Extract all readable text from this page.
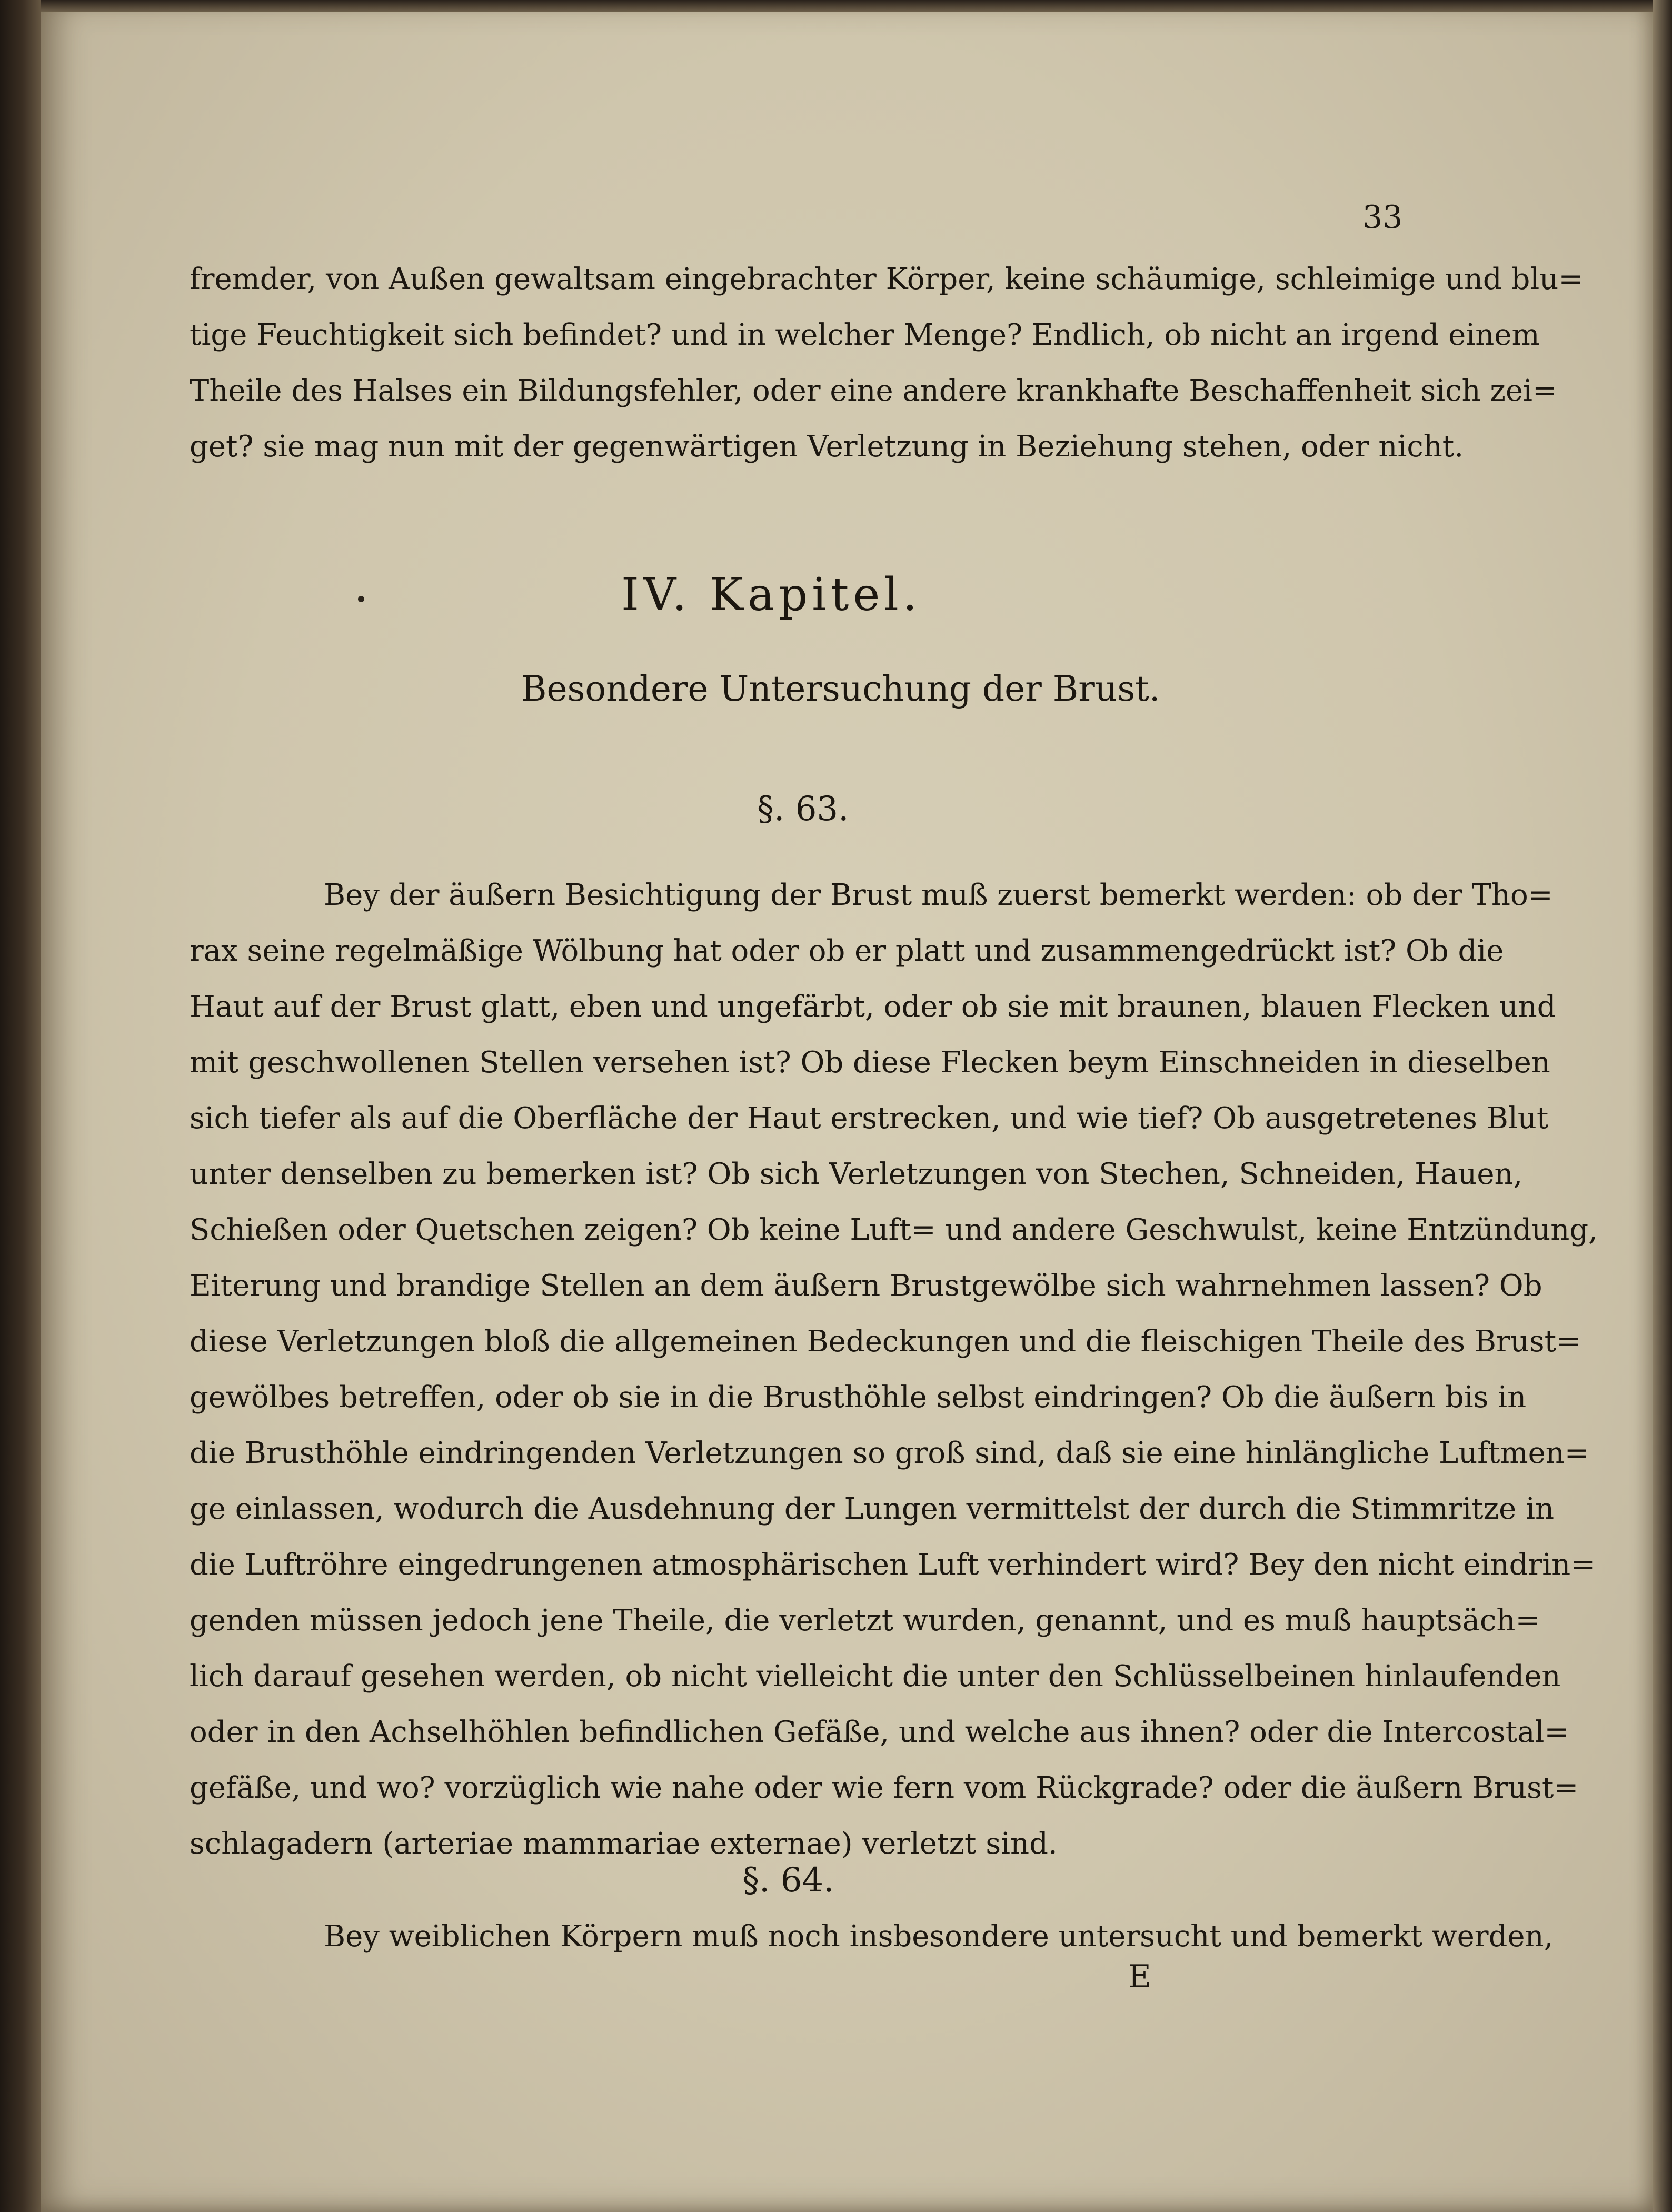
33
fremder, von Außen gewaltsam eingebrachter Körper, keine schäumige, schleimige und blu=
tige Feuchtigkeit sich befindet? und in welcher Menge? Endlich, ob nicht an irgend einem
Theile des Halses ein Bildungsfehler, oder eine andere krankhafte Beschaffenheit sich zei=
get? sie mag nun mit der gegenwärtigen Verletzung in Beziehung stehen, oder nicht.
IV. Kapitel.
Besondere Untersuchung der Brust.
§. 63.
Bey der äußern Besichtigung der Brust muß zuerst bemerkt werden: ob der Tho=
rax seine regelmäßige Wölbung hat oder ob er platt und zusammengedrückt ist? Ob die
Haut auf der Brust glatt, eben und ungefärbt, oder ob sie mit braunen, blauen Flecken und
mit geschwollenen Stellen versehen ist? Ob diese Flecken beym Einschneiden in dieselben
sich tiefer als auf die Oberfläche der Haut erstrecken, und wie tief? Ob ausgetretenes Blut
unter denselben zu bemerken ist? Ob sich Verletzungen von Stechen, Schneiden, Hauen,
Schießen oder Quetschen zeigen? Ob keine Luft= und andere Geschwulst, keine Entzündung,
Eiterung und brandige Stellen an dem äußern Brustgewölbe sich wahrnehmen lassen? Ob
diese Verletzungen bloß die allgemeinen Bedeckungen und die fleischigen Theile des Brust=
gewölbes betreffen, oder ob sie in die Brusthöhle selbst eindringen? Ob die äußern bis in
die Brusthöhle eindringenden Verletzungen so groß sind, daß sie eine hinlängliche Luftmen=
ge einlassen, wodurch die Ausdehnung der Lungen vermittelst der durch die Stimmritze in
die Luftröhre eingedrungenen atmosphärischen Luft verhindert wird? Bey den nicht eindrin=
genden müssen jedoch jene Theile, die verletzt wurden, genannt, und es muß hauptsäch=
lich darauf gesehen werden, ob nicht vielleicht die unter den Schlüsselbeinen hinlaufenden
oder in den Achselhöhlen befindlichen Gefäße, und welche aus ihnen? oder die Intercostal=
gefäße, und wo? vorzüglich wie nahe oder wie fern vom Rückgrade? oder die äußern Brust=
schlagadern (arteriae mammariae externae) verletzt sind.
§. 64.
Bey weiblichen Körpern muß noch insbesondere untersucht und bemerkt werden,
E
